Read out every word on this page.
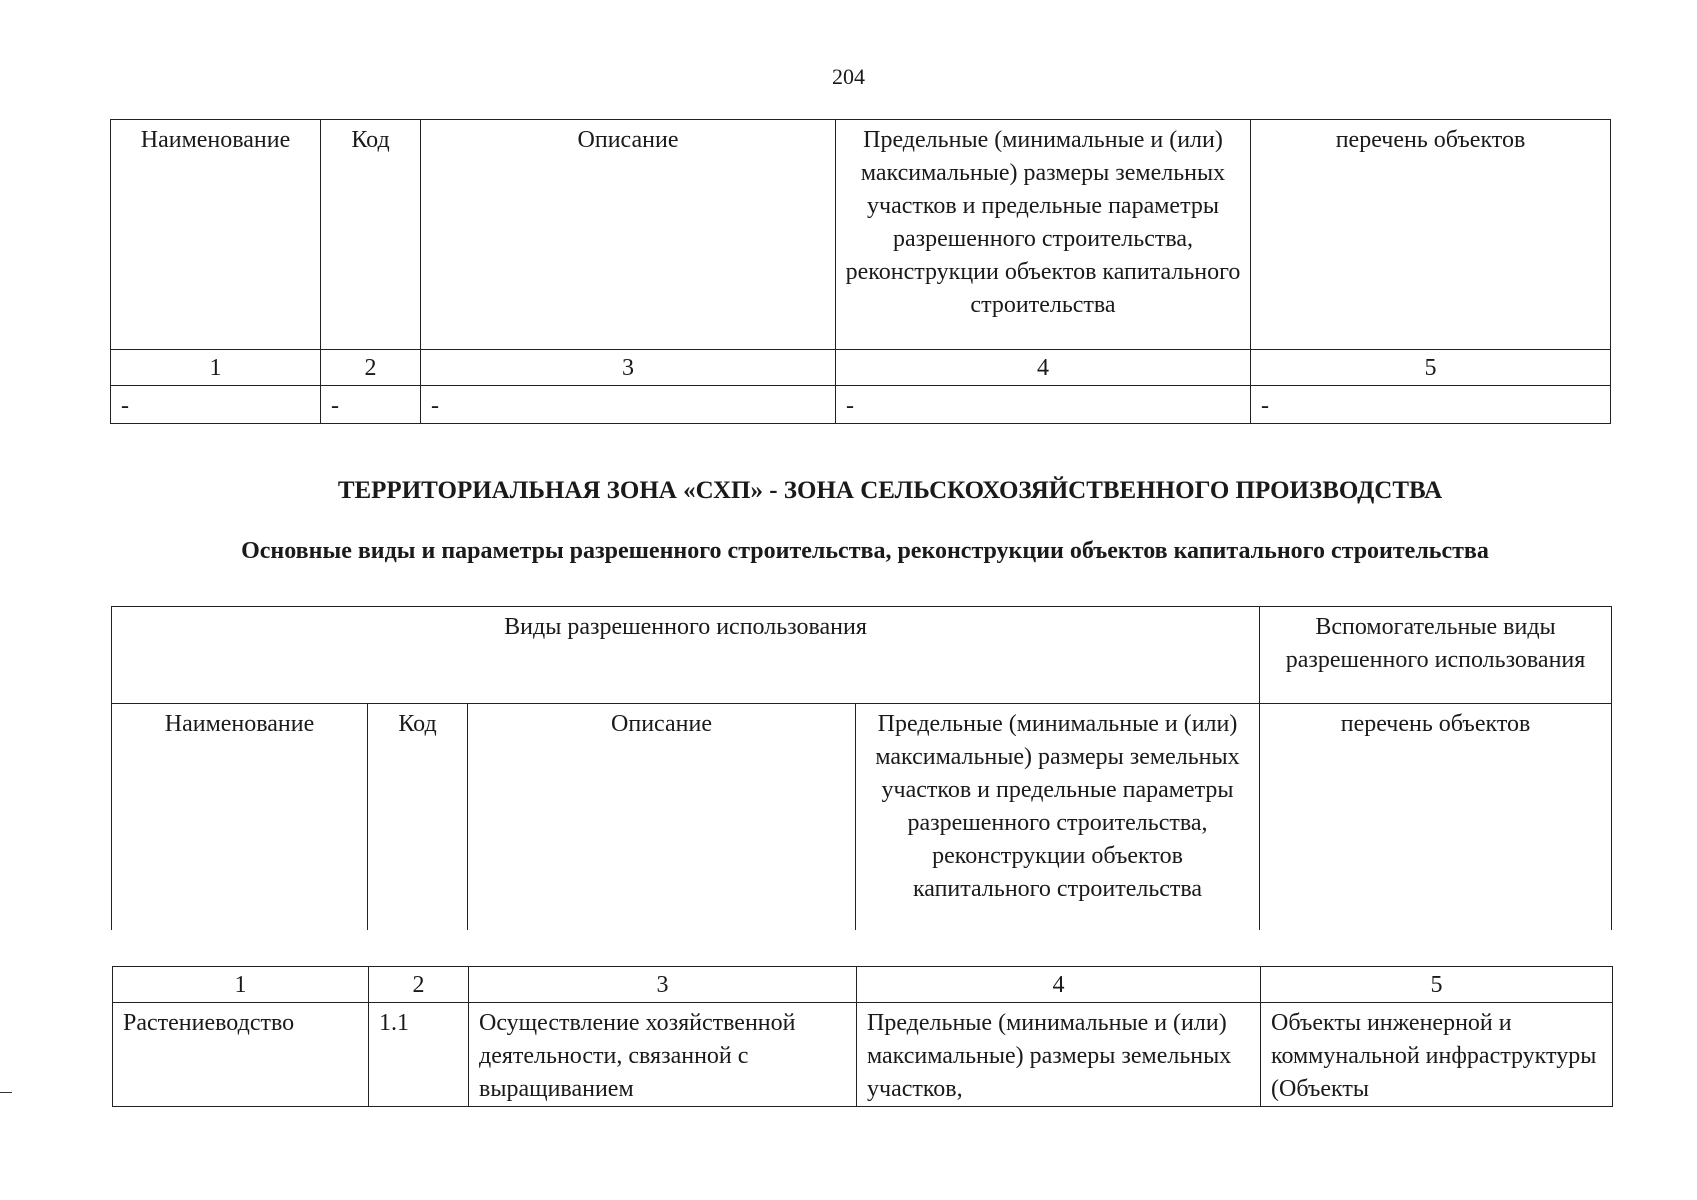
204
Наименование	Код	Описание	Предельные (минимальные и (или) максимальные) размеры земельных участков и предельные параметры разрешенного строительства, реконструкции объектов капитального строительства	перечень объектов
1	2	3	4	5
-	-	-	-	-
ТЕРРИТОРИАЛЬНАЯ ЗОНА «СХП» - ЗОНА СЕЛЬСКОХОЗЯЙСТВЕННОГО ПРОИЗВОДСТВА
Основные виды и параметры разрешенного строительства, реконструкции объектов капитального строительства
Виды разрешенного использования				Вспомогательные виды разрешенного использования
Наименование	Код	Описание	Предельные (минимальные и (или) максимальные) размеры земельных участков и предельные параметры разрешенного строительства, реконструкции объектов капитального строительства	перечень объектов
1	2	3	4	5
Растениеводство	1.1	Осуществление хозяйственной деятельности, связанной с выращиванием	Предельные (минимальные и (или) максимальные) размеры земельных участков,	Объекты инженерной и коммунальной инфраструктуры (Объекты
